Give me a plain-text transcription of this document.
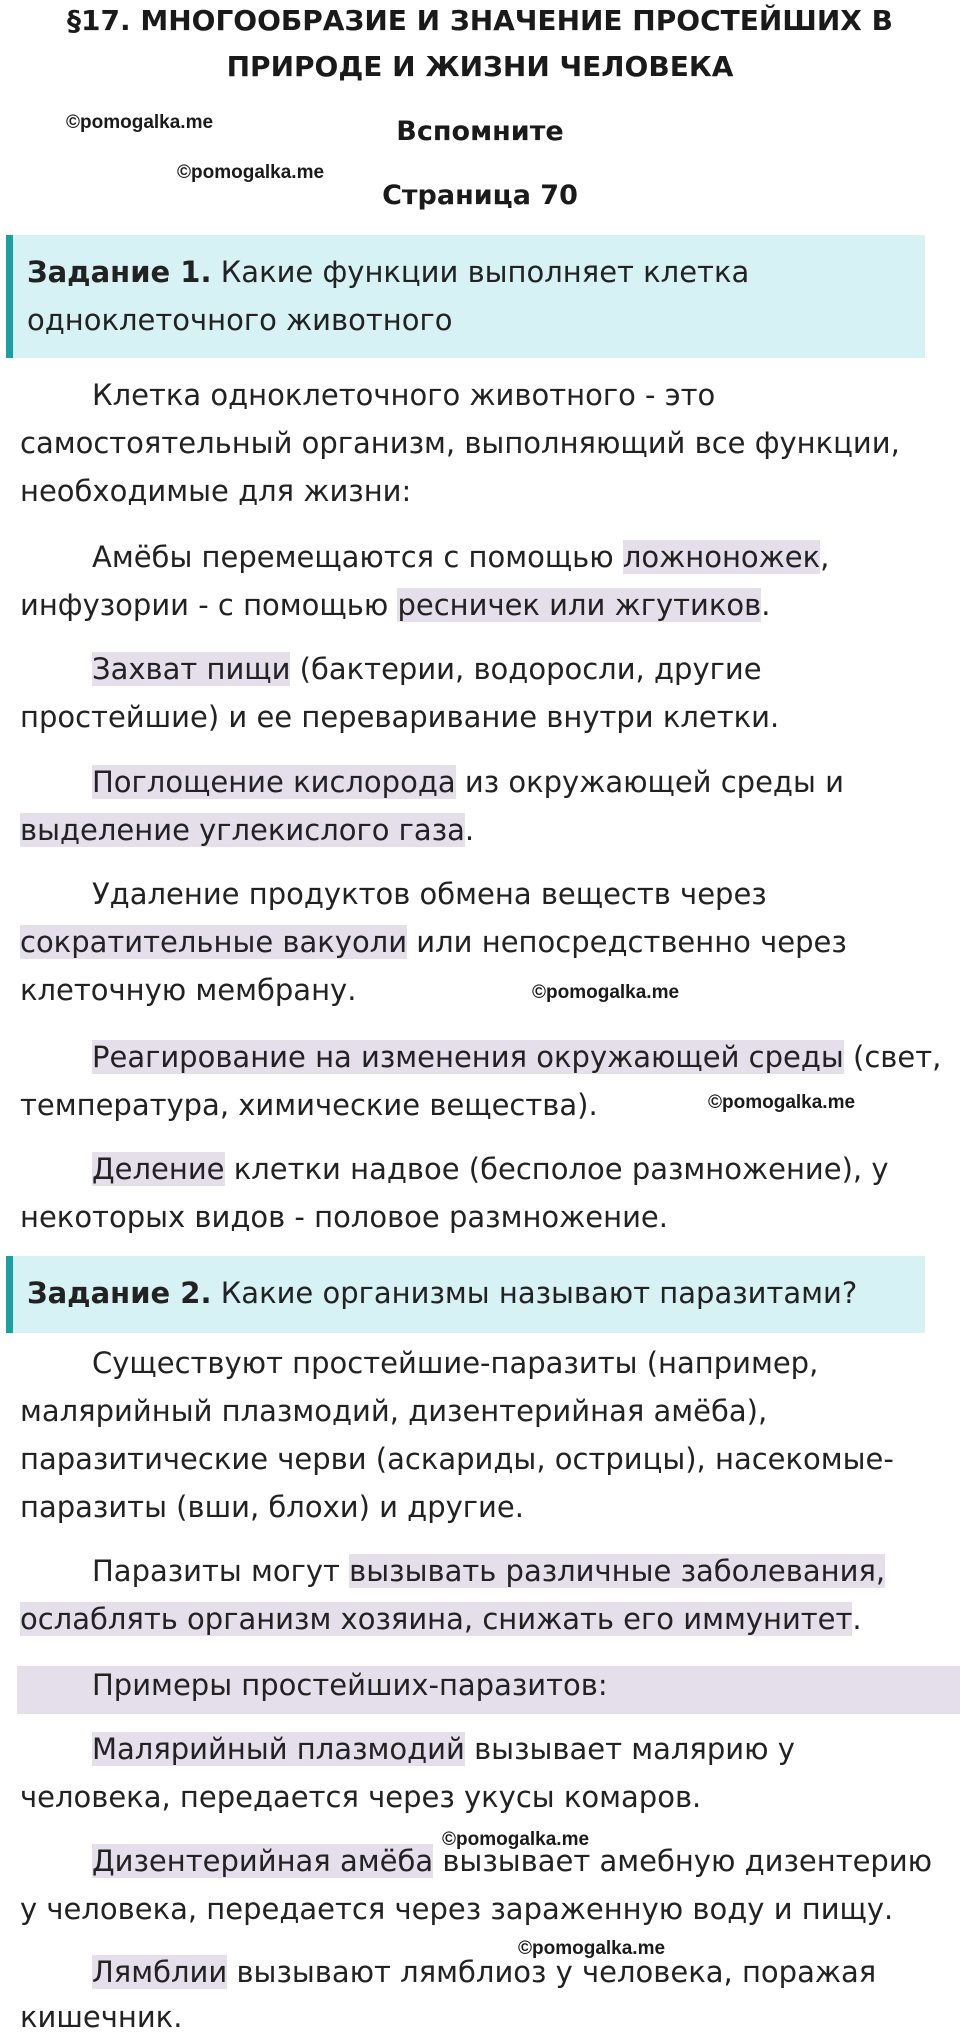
§17. МНОГООБРАЗИЕ И ЗНАЧЕНИЕ ПРОСТЕЙШИХ В
ПРИРОДЕ И ЖИЗНИ ЧЕЛОВЕКА
©pomogalka.me	Вспомните
©pomogalka.me
Страница 70
Задание 1. Какие функции выполняет клетка
одноклеточного животного
Клетка одноклеточного животного - это
самостоятельный организм, выполняющий все функции,
необходимые для жизни:
Амёбы перемещаются с помощью ложноножек,
инфузории - с помощью ресничек или жгутиков.
Захват пищи (бактерии, водоросли, другие
простейшие) и ее переваривание внутри клетки.
Поглощение кислорода из окружающей среды и
выделение углекислого газа.
Удаление продуктов обмена веществ через
сократительные вакуоли или непосредственно через
клеточную мембрану.	©pomogalka.me
Реагирование на изменения окружающей среды (свет,
температура, химические вещества).	©pomogalka.me
Деление клетки надвое (бесполое размножение), у
некоторых видов - половое размножение.
Задание 2. Какие организмы называют паразитами?
Существуют простейшие-паразиты (например,
малярийный плазмодий, дизентерийная амёба),
паразитические черви (аскариды, острицы), насекомые-
паразиты (вши, блохи) и другие.
Паразиты могут вызывать различные заболевания,
ослаблять организм хозяина, снижать его иммунитет.
Примеры простейших-паразитов:
Малярийный плазмодий вызывает малярию у
человека, передается через укусы комаров.
©pomogalka.me
Дизентерийная амёба вызывает амебную дизентерию
у человека, передается через зараженную воду и пищу.
©pomogalka.me
Лямблии вызывают лямблиоз у человека, поражая
кишечник.
